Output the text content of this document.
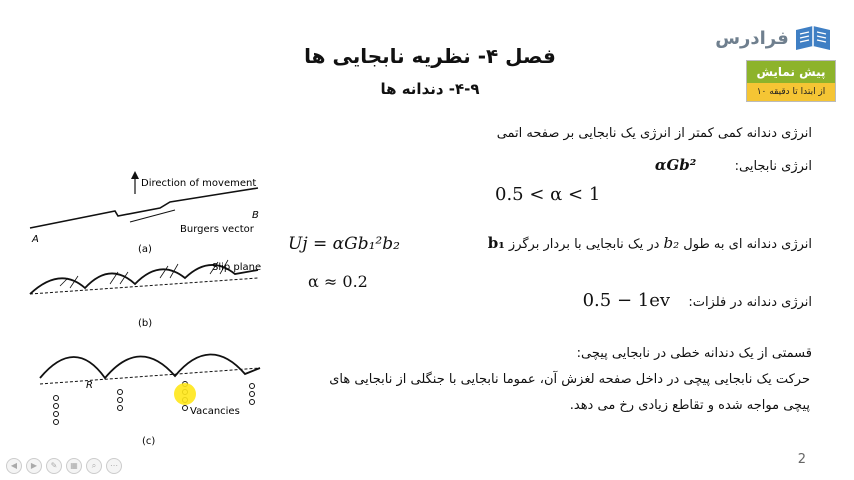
فصل ۴- نظریه نابجایی ها
۴-۹- دندانه ها
فرادرس
پیش نمایش
از ابتدا تا دقیقه ۱۰
انرژی دندانه کمی کمتر از انرژی یک نابجایی بر صفحه اتمی
انرژی نابجایی:  αGb²
0.5 < α < 1
انرژی دندانه ای به طول b₂ در یک نابجایی با بردار برگرز b₁
انرژی دندانه در فلزات:  0.5 − 1ev
قسمتی از یک دندانه خطی در نابجایی پیچی:
حرکت یک نابجایی پیچی در داخل صفحه لغزش آن، عموما نابجایی با جنگلی از نابجایی های
پیچی مواجه شده و تقاطع زیادی رخ می دهد.
Uj = αGb₁²b₂
α ≈ 0.2
Direction of movement
A
B
Burgers vector
(a)
Slip plane
(b)
R
Vacancies
(c)
2
◀	▶	✎	▦	⌕	⋯
